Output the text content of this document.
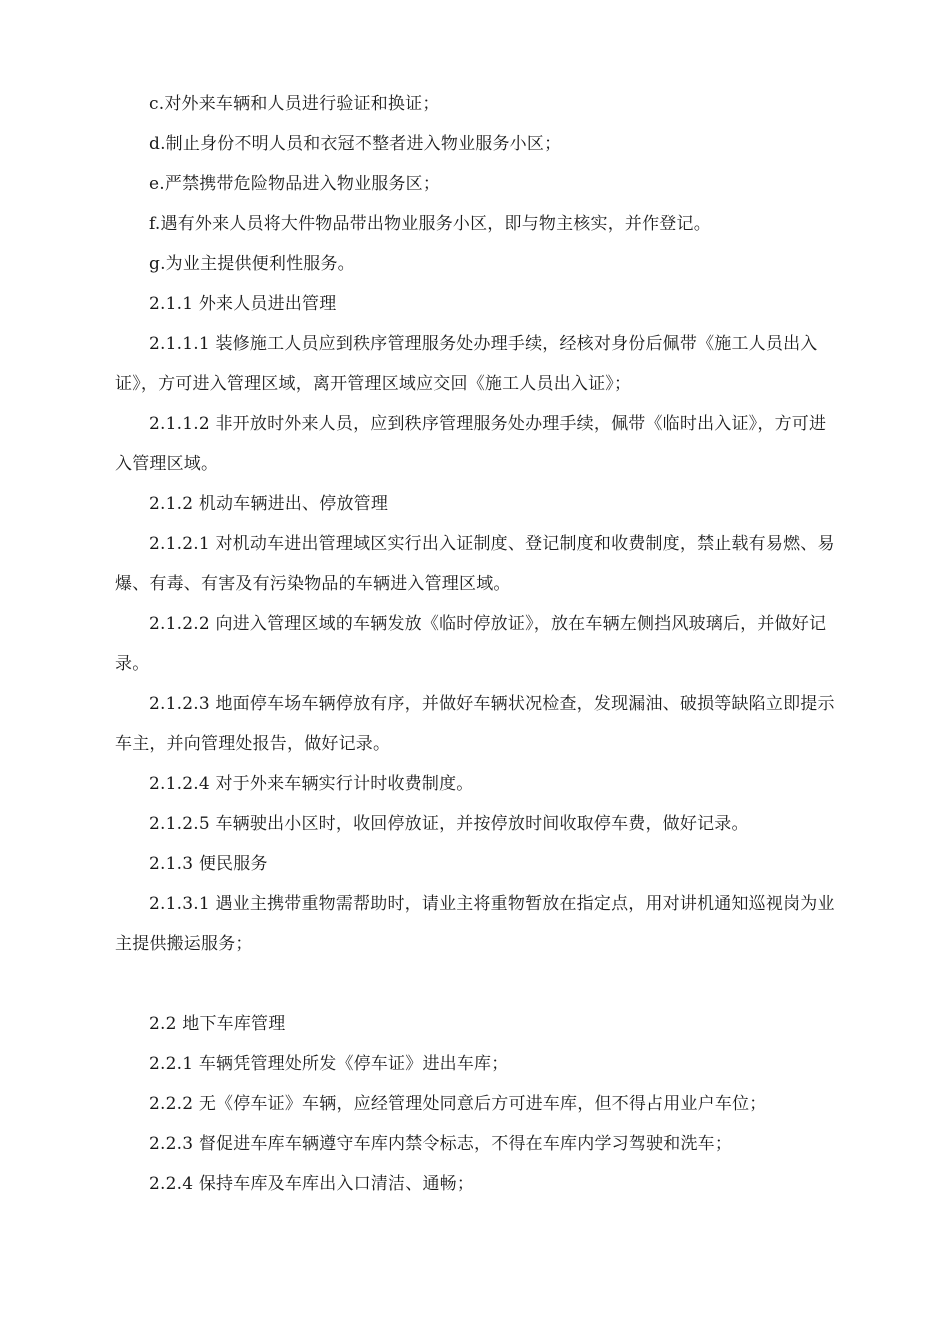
c.对外来车辆和人员进行验证和换证；

d.制止身份不明人员和衣冠不整者进入物业服务小区；

e.严禁携带危险物品进入物业服务区；

f.遇有外来人员将大件物品带出物业服务小区，即与物主核实，并作登记。

g.为业主提供便利性服务。

2.1.1 外来人员进出管理

2.1.1.1 装修施工人员应到秩序管理服务处办理手续，经核对身份后佩带《施工人员出入证》，方可进入管理区域，离开管理区域应交回《施工人员出入证》；

2.1.1.2 非开放时外来人员，应到秩序管理服务处办理手续，佩带《临时出入证》，方可进入管理区域。

2.1.2 机动车辆进出、停放管理

2.1.2.1 对机动车进出管理域区实行出入证制度、登记制度和收费制度，禁止载有易燃、易爆、有毒、有害及有污染物品的车辆进入管理区域。

2.1.2.2 向进入管理区域的车辆发放《临时停放证》，放在车辆左侧挡风玻璃后，并做好记录。

2.1.2.3 地面停车场车辆停放有序，并做好车辆状况检查，发现漏油、破损等缺陷立即提示车主，并向管理处报告，做好记录。

2.1.2.4 对于外来车辆实行计时收费制度。

2.1.2.5 车辆驶出小区时，收回停放证，并按停放时间收取停车费，做好记录。

2.1.3 便民服务

2.1.3.1 遇业主携带重物需帮助时，请业主将重物暂放在指定点，用对讲机通知巡视岗为业主提供搬运服务；

2.2 地下车库管理

2.2.1 车辆凭管理处所发《停车证》进出车库；

2.2.2 无《停车证》车辆，应经管理处同意后方可进车库，但不得占用业户车位；

2.2.3 督促进车库车辆遵守车库内禁令标志，不得在车库内学习驾驶和洗车；

2.2.4 保持车库及车库出入口清洁、通畅；
